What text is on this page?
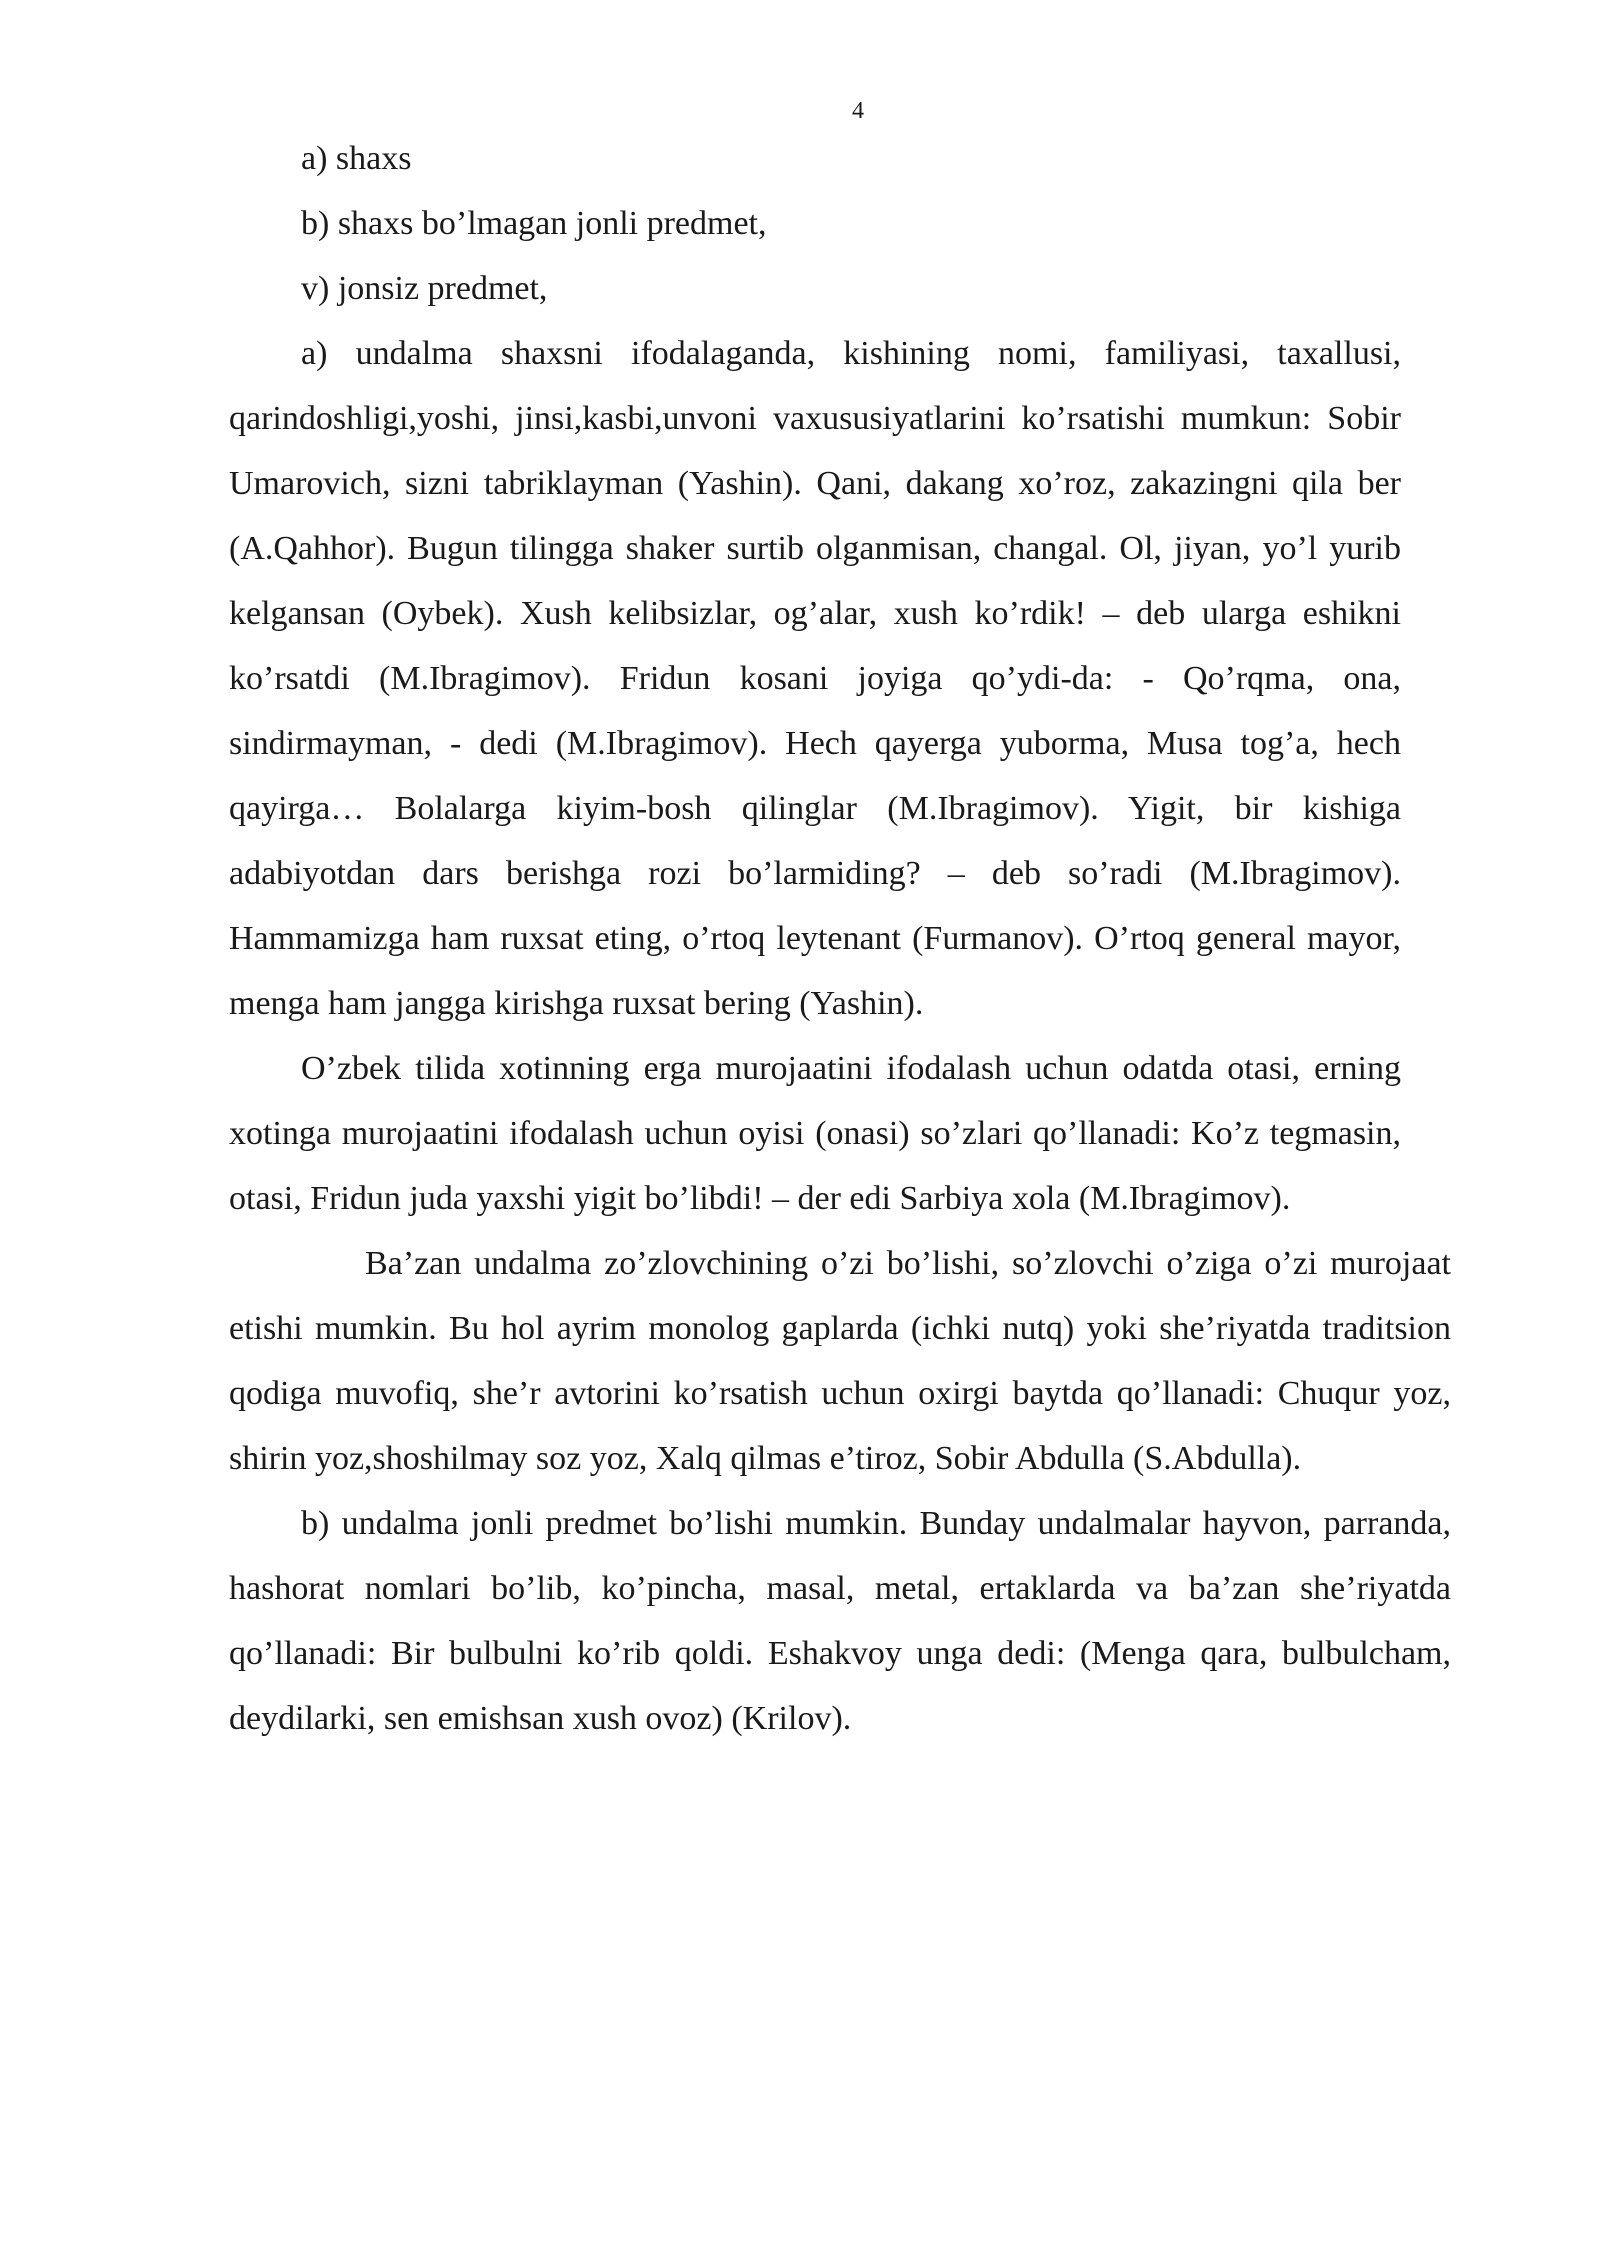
4
a) shaxs
b) shaxs bo’lmagan jonli predmet,
v) jonsiz predmet,

a) undalma shaxsni ifodalaganda, kishining nomi, familiyasi, taxallusi, qarindoshligi,yoshi, jinsi,kasbi,unvoni vaxususiyatlarini ko’rsatishi mumkun: Sobir Umarovich, sizni tabriklayman (Yashin). Qani, dakang xo’roz, zakazingni qila ber (A.Qahhor). Bugun tilingga shaker surtib olganmisan, changal. Ol, jiyan, yo’l yurib kelgansan (Oybek). Xush kelibsizlar, og’alar, xush ko’rdik! – deb ularga eshikni ko’rsatdi (M.Ibragimov). Fridun kosani joyiga qo’ydi-da: - Qo’rqma, ona, sindirmayman, - dedi (M.Ibragimov). Hech qayerga yuborma, Musa tog’a, hech qayirga… Bolalarga kiyim-bosh qilinglar (M.Ibragimov). Yigit, bir kishiga adabiyotdan dars berishga rozi bo’larmiding? – deb so’radi (M.Ibragimov). Hammamizga ham ruxsat eting, o’rtoq leytenant (Furmanov). O’rtoq general mayor, menga ham jangga kirishga ruxsat bering (Yashin).

O’zbek tilida xotinning erga murojaatini ifodalash uchun odatda otasi, erning xotinga murojaatini ifodalash uchun oyisi (onasi) so’zlari qo’llanadi: Ko’z tegmasin, otasi, Fridun juda yaxshi yigit bo’libdi! – der edi Sarbiya xola (M.Ibragimov).

Ba’zan undalma zo’zlovchining o’zi bo’lishi, so’zlovchi o’ziga o’zi murojaat etishi mumkin. Bu hol ayrim monolog gaplarda (ichki nutq) yoki she’riyatda traditsion qodiga muvofiq, she’r avtorini ko’rsatish uchun oxirgi baytda qo’llanadi: Chuqur yoz, shirin yoz,shoshilmay soz yoz, Xalq qilmas e’tiroz, Sobir Abdulla (S.Abdulla).

b) undalma jonli predmet bo’lishi mumkin. Bunday undalmalar hayvon, parranda, hashorat nomlari bo’lib, ko’pincha, masal, metal, ertaklarda va ba’zan she’riyatda qo’llanadi: Bir bulbulni ko’rib qoldi. Eshakvoy unga dedi: (Menga qara, bulbulcham, deydilarki, sen emishsan xush ovoz) (Krilov).
